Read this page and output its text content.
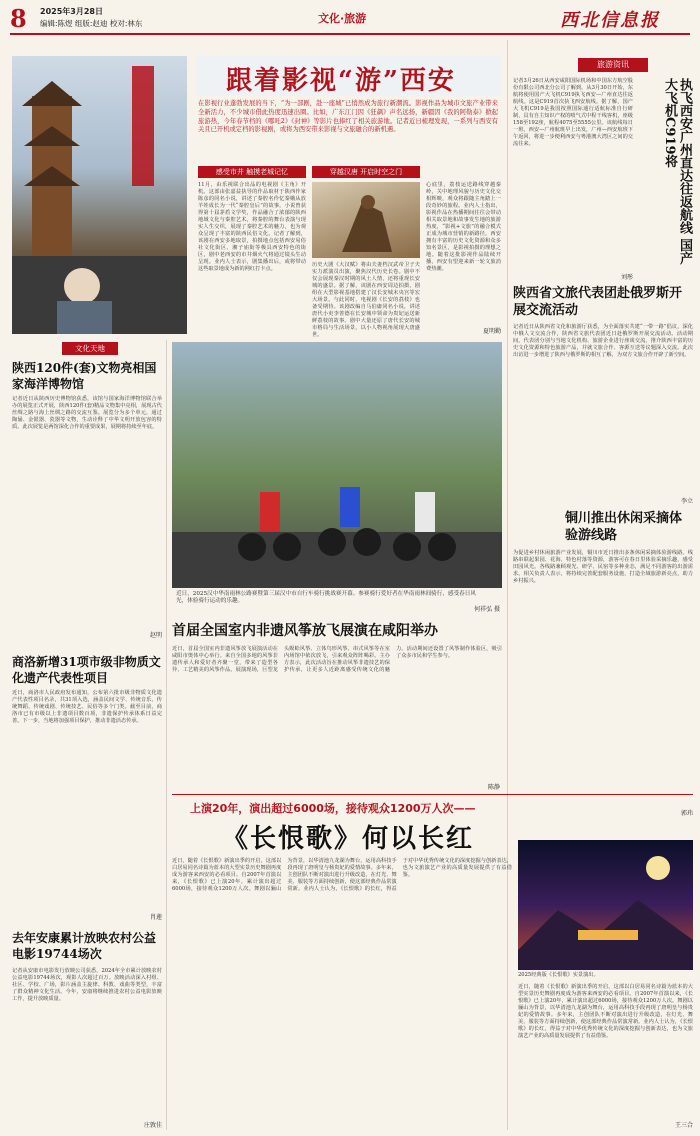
8 2025年3月28日
编辑:陈煜 组版:赵迪 校对:林东	文化·旅游	西北信息报
跟着影视“游”西安
在影视行业蓬勃发展的当下，“为一部剧，赴一座城”已悄然成为旅行新潮流。影视作品为城市文旅产业带来全新活力，不少城市借此热度迅速出圈。比如，广东江门因《狂飙》声名远扬，新疆因《我的阿勒泰》掀起旅游热，今年春节档的《哪吒2》《封神》等影片也捧红了相关旅游地。记者近日梳理发现，一系列与西安有关且已开机或定档的影视剧，或将为西安带来影视与文旅融合的新机遇。
感受市井 触摸老城记忆	穿越汉唐 开启时空之门
11月，由乐视联合出品的电视剧《主角》开机。这部由张嘉益执导的作品取材于陕西作家陈彦的同名小说，讲述了秦腔名伶忆秦娥从放羊娃成长为一代“秦腔皇后”的故事。小说曾获得第十届茅盾文学奖，作品融合了浓郁的陕西地域文化与秦腔艺术，将秦腔的舞台表演与现实人生交织，展现了秦腔艺术的魅力，也为观众呈现了丰富的陕西民俗文化。记者了解到，该剧在西安多地取景，拍摄地点包括西安易俗社文化街区、湘子庙街等极具西安特色的街区，剧中老西安的市井烟火气将通过镜头生动呈现。业内人士表示，剧集播出后，或将带动这些取景地成为新的网红打卡点。
历史大剧《大汉赋》将由夫妻档汉武帝卫子夫实力派演员出演，聚焦汉代历史长卷。剧中不仅会展现秦汉时期的风土人情，还将重现长安城的盛景。据了解，该剧在西安周边拍摄，剧组在大型影视基地搭建了汉长安城未央宫等宏大场景。与此同时，电视剧《长安的荔枝》也备受期待。该剧改编自马伯庸同名小说，讲述唐代小吏李善德在长安城中领命为贵妃运送新鲜荔枝的故事。剧中大量还原了唐代长安的城市格局与生活场景，以小人物视角展现大唐盛世。
心底里，荔枝运送路线穿越秦岭，关中地理风貌与历史文化交相辉映，观众将跟随主角踏上一段奇妙的旅程。业内人士指出，影视作品在热播期间往往会带动相关取景地和故事发生地的旅游热度，“影视+文旅”的融合模式正成为城市营销的新路径。西安拥有丰富的历史文化资源和众多知名景区，是影视拍摄的理想之地。随着这批影视作品陆续开播，西安有望迎来新一轮文旅消费热潮。
夏明勤
旅游资讯
记者3月26日从西安咸阳国际机场和中国东方航空股份有限公司西北分公司了解到，从3月30日开始，东航将使用国产大飞机C919执飞西安—广州直达往返航线。这是C919首次执飞西安航线。据了解，国产大飞机C919是我国按照国际通行适航标准自行研制，具有自主知识产权的喷气式中程干线客机，座级158至192座，航程4075至5555公里。该航线每日一班，西安—广州航班早上出发，广州—西安航班下午返回，将进一步便利西安与粤港澳大湾区之间的交流往来。	执飞西安广州直达往返航线 国产大飞机C919将
刘彤
陕西省文旅代表团赴俄罗斯开展交流活动
记者近日从陕西省文化和旅游厅获悉，为全面落实共建“一带一路”倡议，深化中俄人文交流合作，陕西省文旅代表团近日赴俄罗斯开展交流活动。活动期间，代表团分别与当地文化机构、旅游企业进行座谈交流，推介陕西丰富的历史文化资源和特色旅游产品，并就文旅合作、客源互送等议题深入交流。此次出访进一步增进了陕西与俄罗斯的相互了解，为双方文旅合作开辟了新空间。
李立
铜川推出休闲采摘体验游线路
为促进乡村休闲旅游产业发展，铜川市近日推出多条休闲采摘体验游线路。线路串联起果园、花海、特色村落等资源，游客可在春日里体验采摘乐趣，感受田园风光。各线路兼顾观光、研学、民宿等多种业态，满足不同游客的出游需求。相关负责人表示，将持续完善配套服务设施，打造全域旅游新亮点，助力乡村振兴。
郭玮
文化天地
陕西120件(套)文物亮相国家海洋博物馆
记者近日从陕西历史博物馆获悉，该馆与国家海洋博物馆联合举办的展览正式开展，陕西120件(套)精品文物集中亮相，展现古代丝绸之路与海上丝绸之路的交流互鉴。展览分为多个单元，通过陶俑、金银器、瓷器等文物，生动诠释了中华文明开放包容的特质。此次展览是两馆深化合作的重要成果，展期将持续至年底。
赵明
商洛新增31项市级非物质文化遗产代表性项目
近日，商洛市人民政府发布通知，公布第六批市级非物质文化遗产代表性项目名录，共31项入选，涵盖民间文学、传统音乐、传统舞蹈、传统戏剧、传统技艺、民俗等多个门类。截至目前，商洛市已有市级以上非遗项目数百项，非遗保护传承体系日益完善。下一步，当地将加强项目保护，推动非遗活态传承。
肖莲
去年安康累计放映农村公益电影19744场次
记者从安康市电影发行放映公司获悉，2024年全市累计放映农村公益电影19744场次，观影人次超过百万。放映活动深入村组、社区、学校、广场，影片涵盖主旋律、科教、戏曲等类型，丰富了群众精神文化生活。今年，安康将继续推进农村公益电影放映工作，提升放映质量。
庄敦佳
近日，2025汉中华南雨林公路赛暨第三届汉中市自行车骑行挑战赛开幕。参赛骑行爱好者在华南雨林间骑行，感受春日风光，体验骑行运动的乐趣。
何祥弘 摄
首届全国室内非遗风筝放飞展演在咸阳举办
近日，首届全国室内非遗风筝放飞展演活动在咸阳市奥体中心举行。来自全国多地的风筝非遗传承人和爱好者齐聚一堂，带来了造型各异、工艺精美的风筝作品。展演现场，巨型龙头蜈蚣风筝、立体鸟形风筝、串式风筝等在室内场馆中依次放飞，引来观众阵阵喝彩。主办方表示，此次活动旨在推动风筝非遗技艺的保护传承，让更多人近距离感受传统文化的魅力。活动期间还设置了风筝制作体验区，吸引了众多市民和学生参与。
陈静
上演20年，演出超过6000场，接待观众1200万人次——
《长恨歌》何以长红
近日，随着《长恨歌》新演出季的开启，这部以白居易同名诗篇为蓝本的大型实景历史舞剧再度成为游客来西安的必看项目。自2007年首演以来，《长恨歌》已上演20年，累计演出超过6000场，接待观众1200万人次。舞剧以骊山为背景，以华清池九龙湖为舞台，运用高科技手段再现了唐明皇与杨贵妃的爱情故事。多年来，主创团队不断对演出进行升级改造，在灯光、舞美、服装等方面持续创新，使这部经典作品常演常新。业内人士认为，《长恨歌》的长红，得益于对中华优秀传统文化的深度挖掘与创新表达，也为文旅演艺产业的高质量发展提供了有益借鉴。
2025经典版《长恨歌》实景演出。
近日，随着《长恨歌》新演出季的开启，这部以白居易同名诗篇为蓝本的大型实景历史舞剧再度成为游客来西安的必看项目。自2007年首演以来，《长恨歌》已上演20年，累计演出超过6000场，接待观众1200万人次。舞剧以骊山为背景，以华清池九龙湖为舞台，运用高科技手段再现了唐明皇与杨贵妃的爱情故事。多年来，主创团队不断对演出进行升级改造，在灯光、舞美、服装等方面持续创新，使这部经典作品常演常新。业内人士认为，《长恨歌》的长红，得益于对中华优秀传统文化的深度挖掘与创新表达，也为文旅演艺产业的高质量发展提供了有益借鉴。
王三合
